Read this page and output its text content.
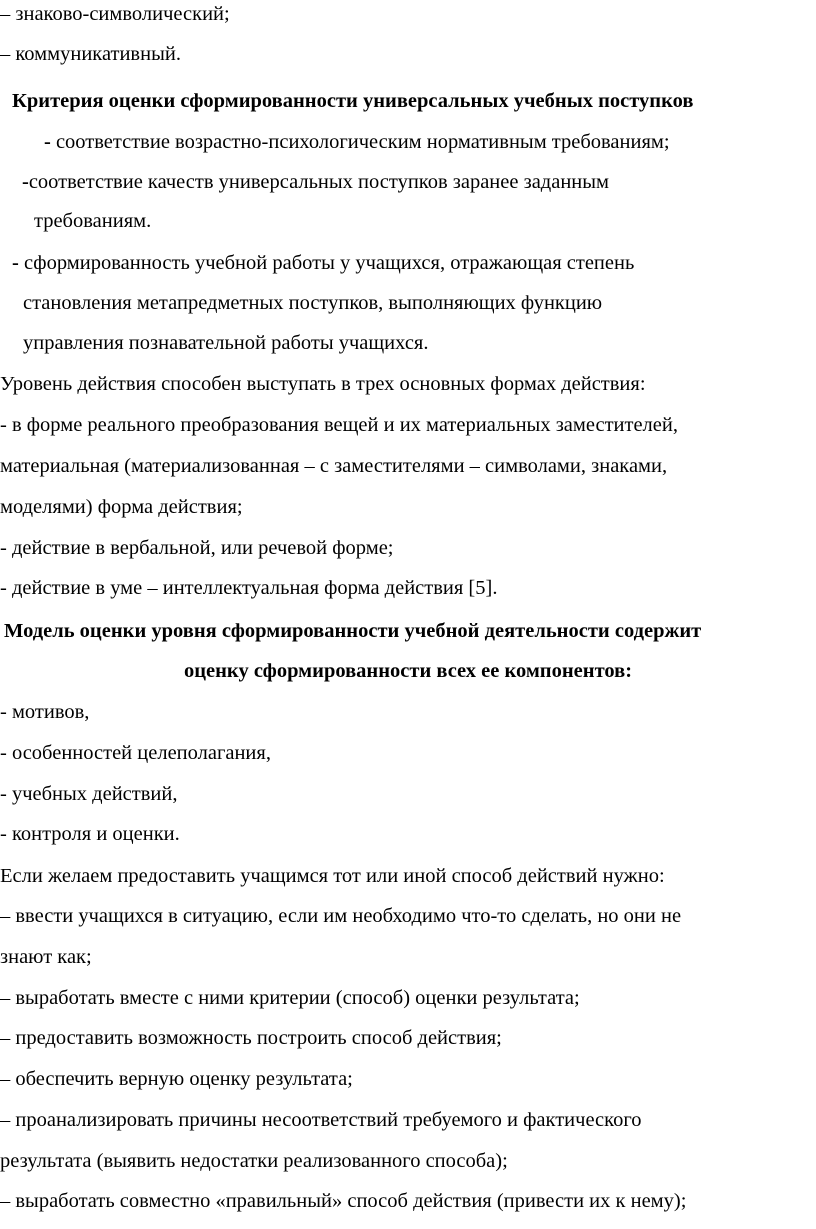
– знаково-символический;
– коммуникативный.
Критерия оценки сформированности универсальных учебных поступков
- соответствие возрастно-психологическим нормативным требованиям;
-соответствие качеств универсальных поступков заранее заданным
требованиям.
- сформированность учебной работы у учащихся, отражающая степень
становления метапредметных поступков, выполняющих функцию
управления познавательной работы учащихся.
Уровень действия способен выступать в трех основных формах действия:
- в форме реального преобразования вещей и их материальных заместителей,
материальная (материализованная – с заместителями – символами, знаками,
моделями) форма действия;
- действие в вербальной, или речевой форме;
- действие в уме – интеллектуальная форма действия [5].
Модель оценки уровня сформированности учебной деятельности содержит
оценку сформированности всех ее компонентов:
- мотивов,
- особенностей целеполагания,
- учебных действий,
- контроля и оценки.
Если желаем предоставить учащимся тот или иной способ действий нужно:
– ввести учащихся в ситуацию, если им необходимо что-то сделать, но они не
знают как;
– выработать вместе с ними критерии (способ) оценки результата;
– предоставить возможность построить способ действия;
– обеспечить верную оценку результата;
– проанализировать причины несоответствий требуемого и фактического
результата (выявить недостатки реализованного способа);
– выработать совместно «правильный» способ действия (привести их к нему);
